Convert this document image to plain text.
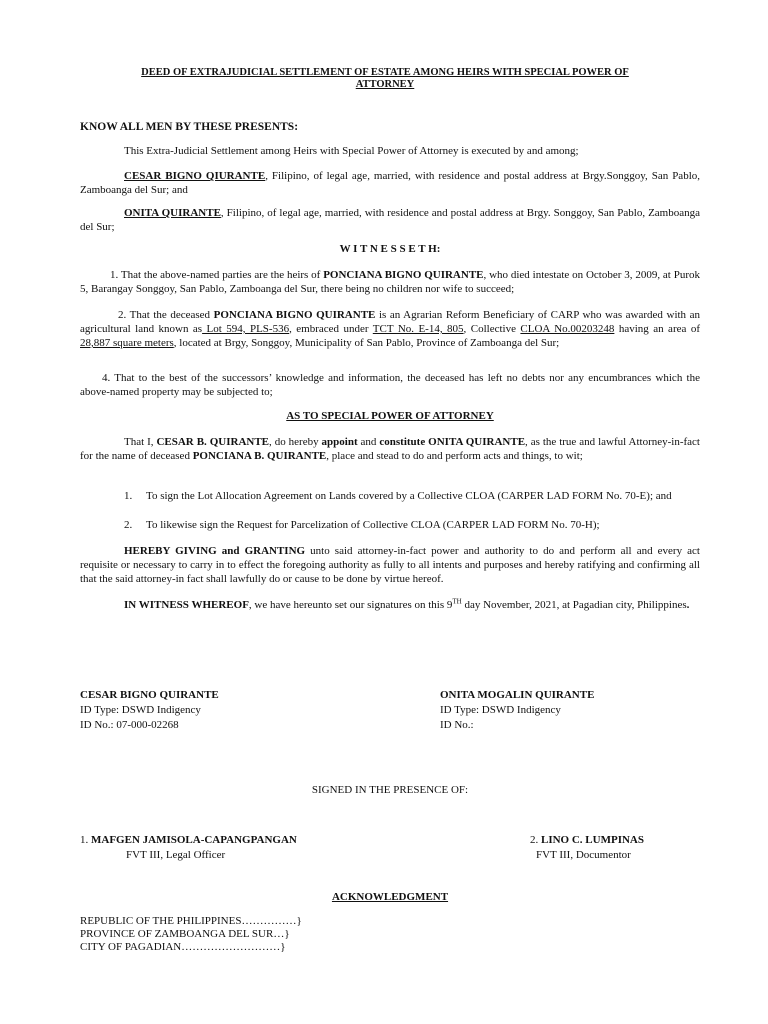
DEED OF EXTRAJUDICIAL SETTLEMENT OF ESTATE AMONG HEIRS WITH SPECIAL POWER OF
ATTORNEY
KNOW ALL MEN BY THESE PRESENTS:
This Extra-Judicial Settlement among Heirs with Special Power of Attorney is executed by and among;
CESAR BIGNO QIURANTE, Filipino, of legal age, married, with residence and postal address at Brgy.Songgoy, San Pablo, Zamboanga del Sur; and
ONITA QUIRANTE, Filipino, of legal age, married, with residence and postal address at Brgy. Songgoy, San Pablo, Zamboanga del Sur;
W I T N E S S E T H:
1. That the above-named parties are the heirs of PONCIANA BIGNO QUIRANTE, who died intestate on October 3, 2009, at Purok 5, Barangay Songgoy, San Pablo, Zamboanga del Sur, there being no children nor wife to succeed;
2. That the deceased PONCIANA BIGNO QUIRANTE is an Agrarian Reform Beneficiary of CARP who was awarded with an agricultural land known as Lot 594, PLS-536, embraced under TCT No. E-14, 805, Collective CLOA No.00203248 having an area of 28,887 square meters, located at Brgy, Songgoy, Municipality of San Pablo, Province of Zamboanga del Sur;
4. That to the best of the successors’ knowledge and information, the deceased has left no debts nor any encumbrances which the above-named property may be subjected to;
AS TO SPECIAL POWER OF ATTORNEY
That I, CESAR B. QUIRANTE, do hereby appoint and constitute ONITA QUIRANTE, as the true and lawful Attorney-in-fact for the name of deceased PONCIANA B. QUIRANTE, place and stead to do and perform acts and things, to wit;
1.	To sign the Lot Allocation Agreement on Lands covered by a Collective CLOA (CARPER LAD FORM No. 70-E); and
2.	To likewise sign the Request for Parcelization of Collective CLOA (CARPER LAD FORM No. 70-H);
HEREBY GIVING and GRANTING unto said attorney-in-fact power and authority to do and perform all and every act requisite or necessary to carry in to effect the foregoing authority as fully to all intents and purposes and hereby ratifying and confirming all that the said attorney-in fact shall lawfully do or cause to be done by virtue hereof.
IN WITNESS WHEREOF, we have hereunto set our signatures on this 9TH day November, 2021, at Pagadian city, Philippines.
CESAR BIGNO QUIRANTE
ID Type: DSWD Indigency
ID No.: 07-000-02268
ONITA MOGALIN QUIRANTE
ID Type: DSWD Indigency
ID No.:
SIGNED IN THE PRESENCE OF:
1. MAFGEN JAMISOLA-CAPANGPANGAN
FVT III, Legal Officer
2. LINO C. LUMPINAS
FVT III, Documentor
ACKNOWLEDGMENT
REPUBLIC OF THE PHILIPPINES……………}
PROVINCE OF ZAMBOANGA DEL SUR…}
CITY OF PAGADIAN………………………}
